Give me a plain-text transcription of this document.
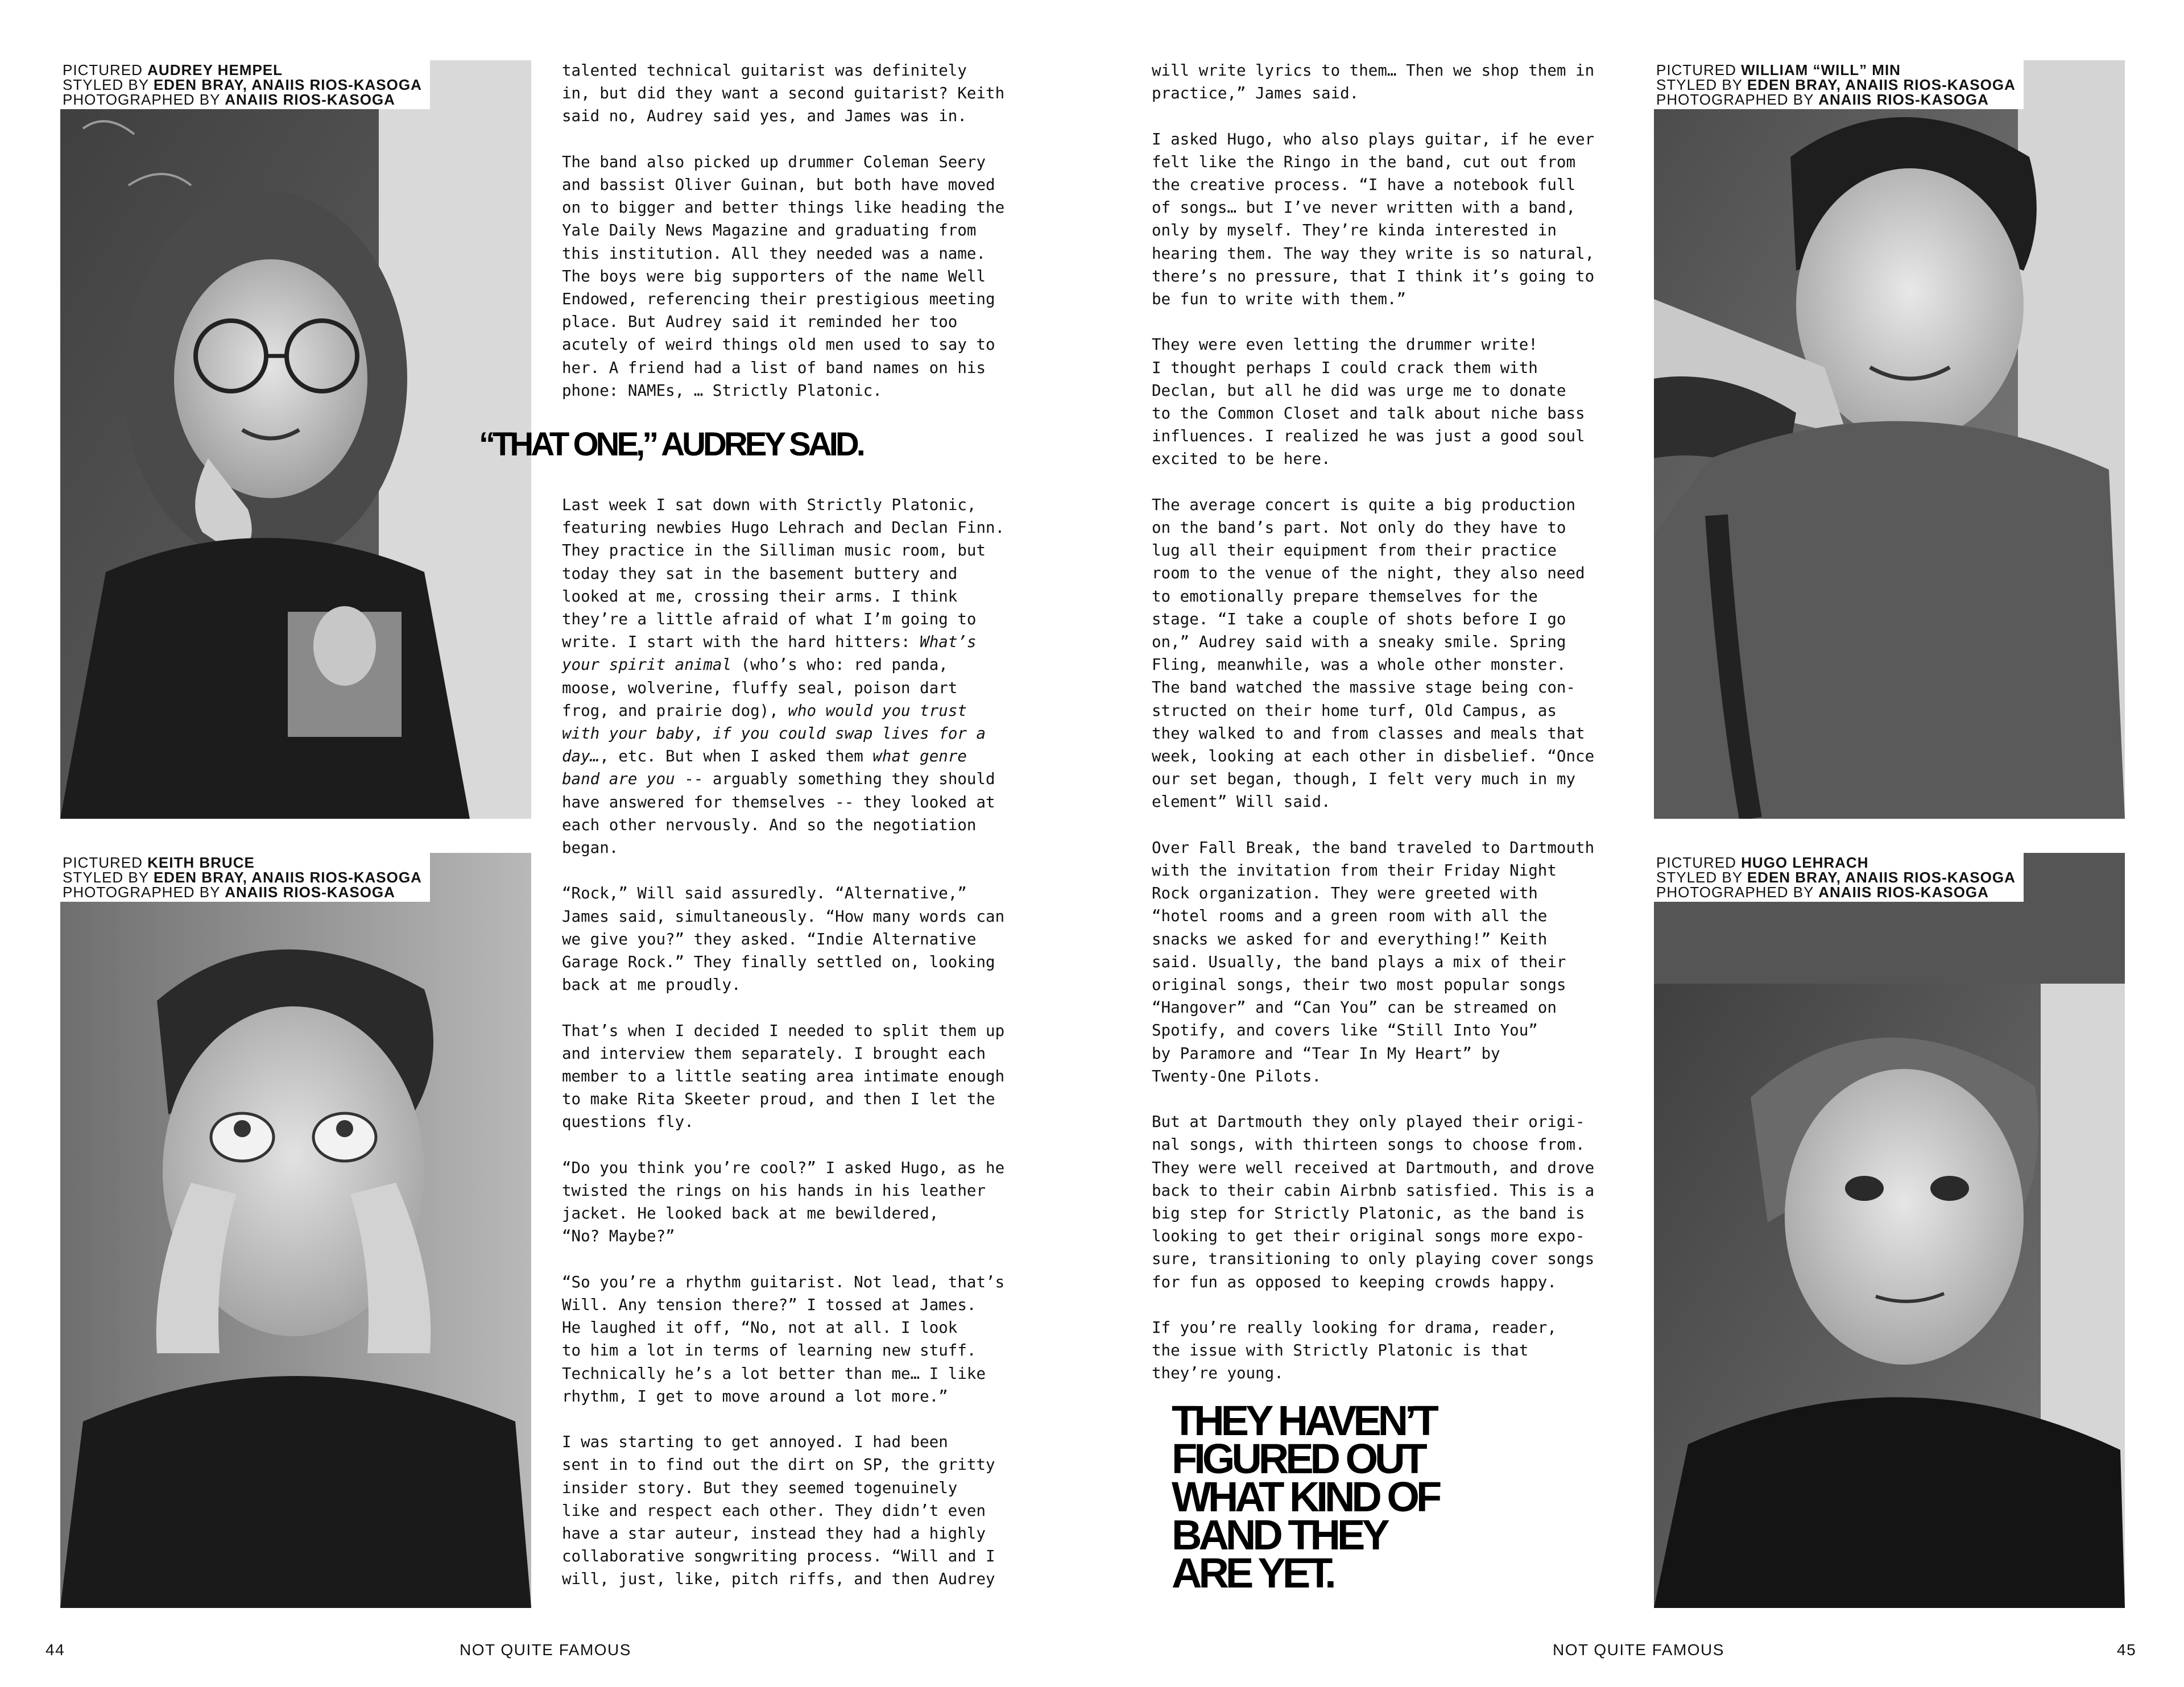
PICTURED AUDREY HEMPEL
STYLED BY EDEN BRAY, ANAIIS RIOS-KASOGA
PHOTOGRAPHED BY ANAIIS RIOS-KASOGA
PICTURED KEITH BRUCE
STYLED BY EDEN BRAY, ANAIIS RIOS-KASOGA
PHOTOGRAPHED BY ANAIIS RIOS-KASOGA
PICTURED WILLIAM “WILL” MIN
STYLED BY EDEN BRAY, ANAIIS RIOS-KASOGA
PHOTOGRAPHED BY ANAIIS RIOS-KASOGA
PICTURED HUGO LEHRACH
STYLED BY EDEN BRAY, ANAIIS RIOS-KASOGA
PHOTOGRAPHED BY ANAIIS RIOS-KASOGA

talented technical guitarist was definitely
in, but did they want a second guitarist? Keith
said no, Audrey said yes, and James was in.

The band also picked up drummer Coleman Seery
and bassist Oliver Guinan, but both have moved
on to bigger and better things like heading the
Yale Daily News Magazine and graduating from
this institution. All they needed was a name.
The boys were big supporters of the name Well
Endowed, referencing their prestigious meeting
place. But Audrey said it reminded her too
acutely of weird things old men used to say to
her. A friend had a list of band names on his
phone: NAMEs, … Strictly Platonic.

“THAT ONE,” AUDREY SAID.

Last week I sat down with Strictly Platonic,
featuring newbies Hugo Lehrach and Declan Finn.
They practice in the Silliman music room, but
today they sat in the basement buttery and
looked at me, crossing their arms. I think
they’re a little afraid of what I’m going to
write. I start with the hard hitters: What’s
your spirit animal (who’s who: red panda,
moose, wolverine, fluffy seal, poison dart
frog, and prairie dog), who would you trust
with your baby, if you could swap lives for a
day…, etc. But when I asked them what genre
band are you -- arguably something they should
have answered for themselves -- they looked at
each other nervously. And so the negotiation
began.

“Rock,” Will said assuredly. “Alternative,”
James said, simultaneously. “How many words can
we give you?” they asked. “Indie Alternative
Garage Rock.” They finally settled on, looking
back at me proudly.

That’s when I decided I needed to split them up
and interview them separately. I brought each
member to a little seating area intimate enough
to make Rita Skeeter proud, and then I let the
questions fly.

“Do you think you’re cool?” I asked Hugo, as he
twisted the rings on his hands in his leather
jacket. He looked back at me bewildered,
“No? Maybe?”

“So you’re a rhythm guitarist. Not lead, that’s
Will. Any tension there?” I tossed at James.
He laughed it off, “No, not at all. I look
to him a lot in terms of learning new stuff.
Technically he’s a lot better than me… I like
rhythm, I get to move around a lot more.”

I was starting to get annoyed. I had been
sent in to find out the dirt on SP, the gritty
insider story. But they seemed togenuinely
like and respect each other. They didn’t even
have a star auteur, instead they had a highly
collaborative songwriting process. “Will and I
will, just, like, pitch riffs, and then Audrey

will write lyrics to them… Then we shop them in
practice,” James said.

I asked Hugo, who also plays guitar, if he ever
felt like the Ringo in the band, cut out from
the creative process. “I have a notebook full
of songs… but I’ve never written with a band,
only by myself. They’re kinda interested in
hearing them. The way they write is so natural,
there’s no pressure, that I think it’s going to
be fun to write with them.”

They were even letting the drummer write!
I thought perhaps I could crack them with
Declan, but all he did was urge me to donate
to the Common Closet and talk about niche bass
influences. I realized he was just a good soul
excited to be here.

The average concert is quite a big production
on the band’s part. Not only do they have to
lug all their equipment from their practice
room to the venue of the night, they also need
to emotionally prepare themselves for the
stage. “I take a couple of shots before I go
on,” Audrey said with a sneaky smile. Spring
Fling, meanwhile, was a whole other monster.
The band watched the massive stage being con-
structed on their home turf, Old Campus, as
they walked to and from classes and meals that
week, looking at each other in disbelief. “Once
our set began, though, I felt very much in my
element” Will said.

Over Fall Break, the band traveled to Dartmouth
with the invitation from their Friday Night
Rock organization. They were greeted with
“hotel rooms and a green room with all the
snacks we asked for and everything!” Keith
said. Usually, the band plays a mix of their
original songs, their two most popular songs
“Hangover” and “Can You” can be streamed on
Spotify, and covers like “Still Into You”
by Paramore and “Tear In My Heart” by
Twenty-One Pilots.

But at Dartmouth they only played their origi-
nal songs, with thirteen songs to choose from.
They were well received at Dartmouth, and drove
back to their cabin Airbnb satisfied. This is a
big step for Strictly Platonic, as the band is
looking to get their original songs more expo-
sure, transitioning to only playing cover songs
for fun as opposed to keeping crowds happy.

If you’re really looking for drama, reader,
the issue with Strictly Platonic is that
they’re young.

THEY HAVEN’T
FIGURED OUT
WHAT KIND OF
BAND THEY
ARE YET.
44	NOT QUITE FAMOUS	NOT QUITE FAMOUS	45
